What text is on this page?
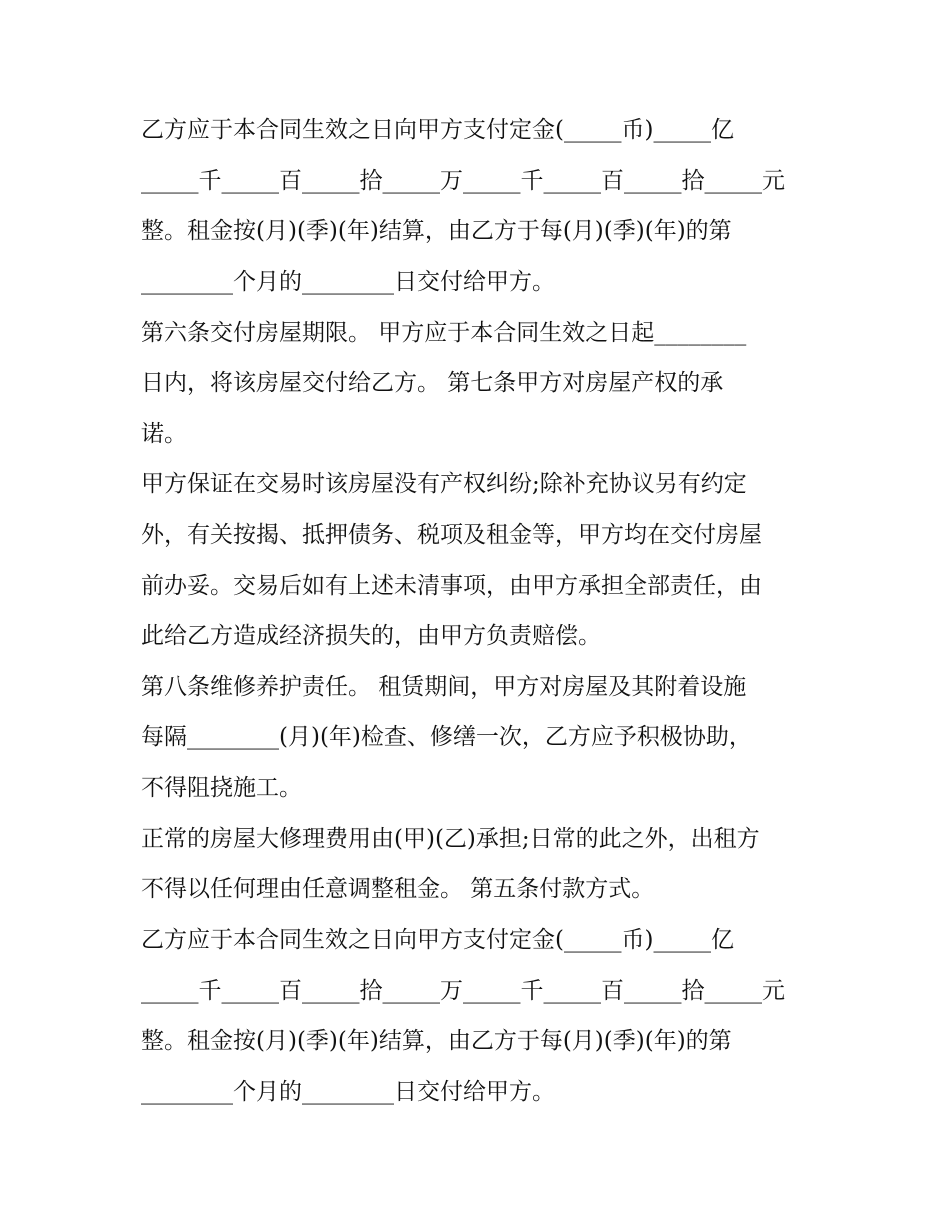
乙方应于本合同生效之日向甲方支付定金(_____币)_____亿
_____千_____百_____拾_____万_____千_____百_____拾_____元
整。租金按(月)(季)(年)结算，由乙方于每(月)(季)(年)的第
________个月的________日交付给甲方。
第六条交付房屋期限。 甲方应于本合同生效之日起________
日内，将该房屋交付给乙方。 第七条甲方对房屋产权的承
诺。
甲方保证在交易时该房屋没有产权纠纷;除补充协议另有约定
外，有关按揭、抵押债务、税项及租金等，甲方均在交付房屋
前办妥。交易后如有上述未清事项，由甲方承担全部责任，由
此给乙方造成经济损失的，由甲方负责赔偿。
第八条维修养护责任。 租赁期间，甲方对房屋及其附着设施
每隔________(月)(年)检查、修缮一次，乙方应予积极协助，
不得阻挠施工。
正常的房屋大修理费用由(甲)(乙)承担;日常的此之外，出租方
不得以任何理由任意调整租金。 第五条付款方式。
乙方应于本合同生效之日向甲方支付定金(_____币)_____亿
_____千_____百_____拾_____万_____千_____百_____拾_____元
整。租金按(月)(季)(年)结算，由乙方于每(月)(季)(年)的第
________个月的________日交付给甲方。
